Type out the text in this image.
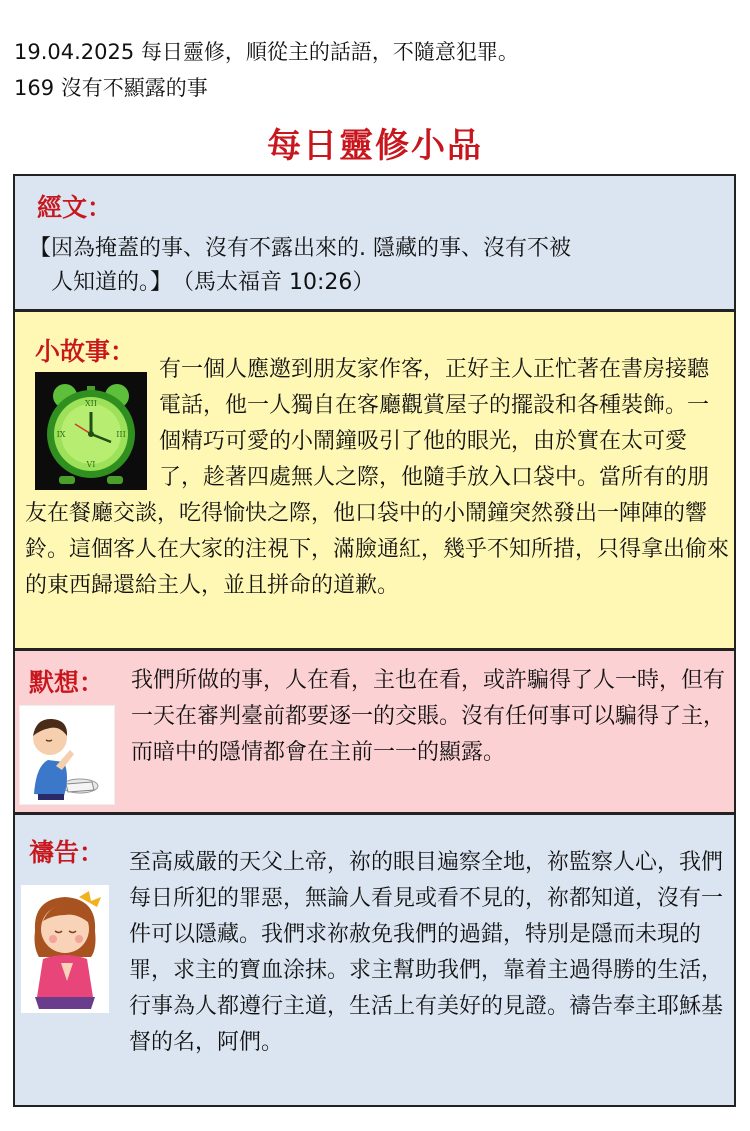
19.04.2025 每日靈修，順從主的話語，不隨意犯罪。
169 沒有不顯露的事
每日靈修小品
經文：
【因為掩蓋的事、沒有不露出來的. 隱藏的事、沒有不被
人知道的。】　（馬太福音 10:26）
小故事：
XII
III
VI
IX
有一個人應邀到朋友家作客，正好主人正忙著在書房接聽電話，他一人獨自在客廳觀賞屋子的擺設和各種裝飾。一個精巧可愛的小鬧鐘吸引了他的眼光，由於實在太可愛了，趁著四處無人之際，他隨手放入口袋中。當所有的朋友在餐廳交談，吃得愉快之際，他口袋中的小鬧鐘突然發出一陣陣的響鈴。這個客人在大家的注視下，滿臉通紅，幾乎不知所措，只得拿出偷來的東西歸還給主人，並且拼命的道歉。
默想：	我們所做的事，人在看，主也在看，或許騙得了人一時，但有一天在審判臺前都要逐一的交賬。沒有任何事可以騙得了主，而暗中的隱情都會在主前一一的顯露。
禱告：	至高威嚴的天父上帝，祢的眼目遍察全地，祢監察人心，我們每日所犯的罪惡，無論人看見或看不見的，祢都知道，沒有一件可以隱藏。我們求祢赦免我們的過錯，特別是隱而未現的罪，求主的寶血涂抹。求主幫助我們，靠着主過得勝的生活，行事為人都遵行主道，生活上有美好的見證。禱告奉主耶穌基督的名，阿們。
